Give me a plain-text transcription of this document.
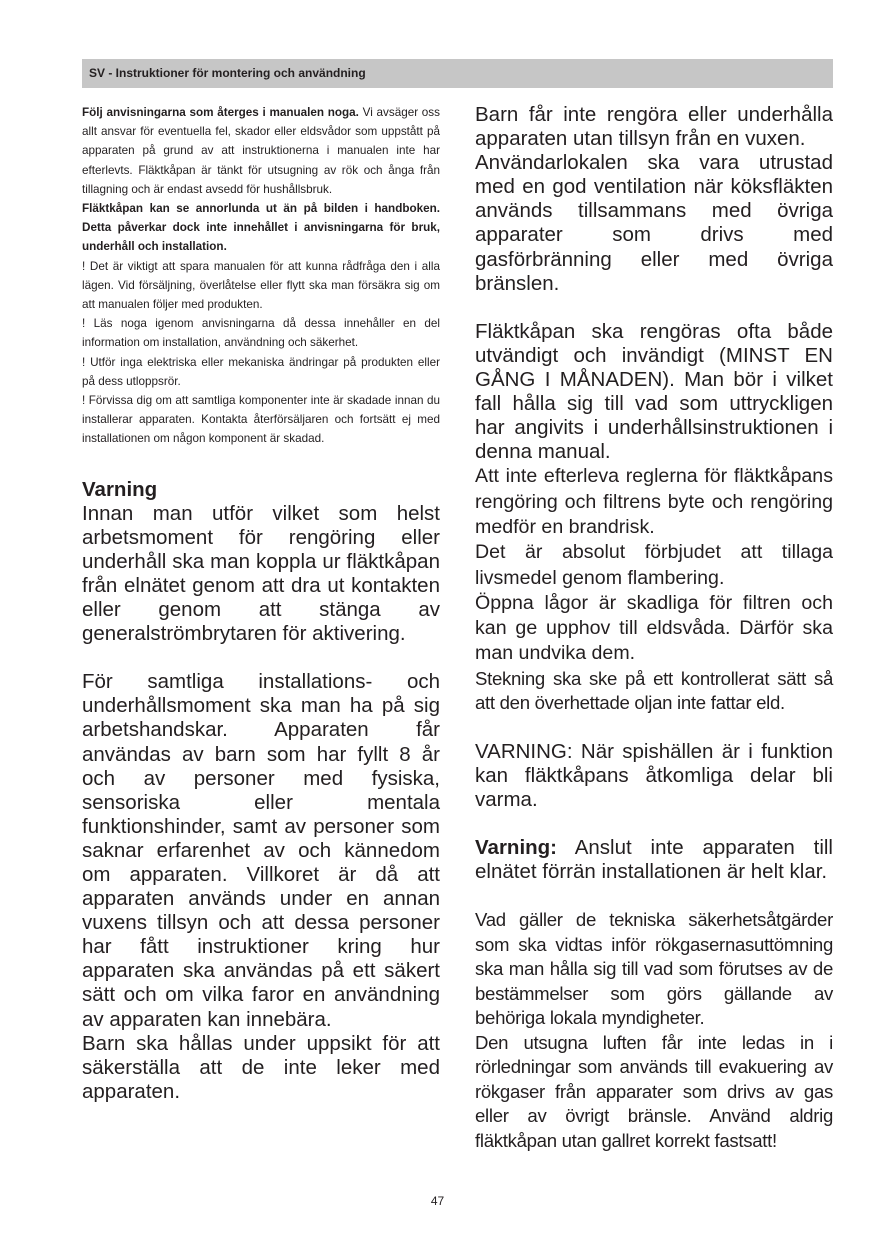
SV - Instruktioner för montering och användning

Följ anvisningarna som återges i manualen noga. Vi avsäger oss allt ansvar för eventuella fel, skador eller eldsvådor som uppstått på apparaten på grund av att instruktionerna i manualen inte har efterlevts. Fläktkåpan är tänkt för utsugning av rök och ånga från tillagning och är endast avsedd för hushållsbruk.

Fläktkåpan kan se annorlunda ut än på bilden i handboken. Detta påverkar dock inte innehållet i anvisningarna för bruk, underhåll och installation.

! Det är viktigt att spara manualen för att kunna rådfråga den i alla lägen. Vid försäljning, överlåtelse eller flytt ska man försäkra sig om att manualen följer med produkten.

! Läs noga igenom anvisningarna då dessa innehåller en del information om installation, användning och säkerhet.

! Utför inga elektriska eller mekaniska ändringar på produkten eller på dess utloppsrör.

! Förvissa dig om att samtliga komponenter inte är skadade innan du installerar apparaten. Kontakta återförsäljaren och fortsätt ej med installationen om någon komponent är skadad.

Varning

Innan man utför vilket som helst arbetsmoment för rengöring eller underhåll ska man koppla ur fläktkåpan från elnätet genom att dra ut kontakten eller genom att stänga av generalströmbrytaren för aktivering.

För samtliga installations- och underhållsmoment ska man ha på sig arbetshandskar. Apparaten får användas av barn som har fyllt 8 år och av personer med fysiska, sensoriska eller mentala funktionshinder, samt av personer som saknar erfarenhet av och kännedom om apparaten. Villkoret är då att apparaten används under en annan vuxens tillsyn och att dessa personer har fått instruktioner kring hur apparaten ska användas på ett säkert sätt och om vilka faror en användning av apparaten kan innebära.

Barn ska hållas under uppsikt för att säkerställa att de inte leker med apparaten.

Barn får inte rengöra eller underhålla apparaten utan tillsyn från en vuxen.

Användarlokalen ska vara utrustad med en god ventilation när köksfläkten används tillsammans med övriga apparater som drivs med gasförbränning eller med övriga bränslen.

Fläktkåpan ska rengöras ofta både utvändigt och invändigt (MINST EN GÅNG I MÅNADEN). Man bör i vilket fall hålla sig till vad som uttryckligen har angivits i underhållsinstruktionen i denna manual.

Att inte efterleva reglerna för fläktkåpans rengöring och filtrens byte och rengöring medför en brandrisk.

Det är absolut förbjudet att tillaga livsmedel genom flambering.

Öppna lågor är skadliga för filtren och kan ge upphov till eldsvåda. Därför ska man undvika dem.

Stekning ska ske på ett kontrollerat sätt så att den överhettade oljan inte fattar eld.

VARNING: När spishällen är i funktion kan fläktkåpans åtkomliga delar bli varma.

Varning: Anslut inte apparaten till elnätet förrän installationen är helt klar.

Vad gäller de tekniska säkerhetsåtgärder som ska vidtas inför rökgasernasuttömning ska man hålla sig till vad som förutses av de bestämmelser som görs gällande av behöriga lokala myndigheter.

Den utsugna luften får inte ledas in i rörledningar som används till evakuering av rökgaser från apparater som drivs av gas eller av övrigt bränsle. Använd aldrig fläktkåpan utan gallret korrekt fastsatt!

47
